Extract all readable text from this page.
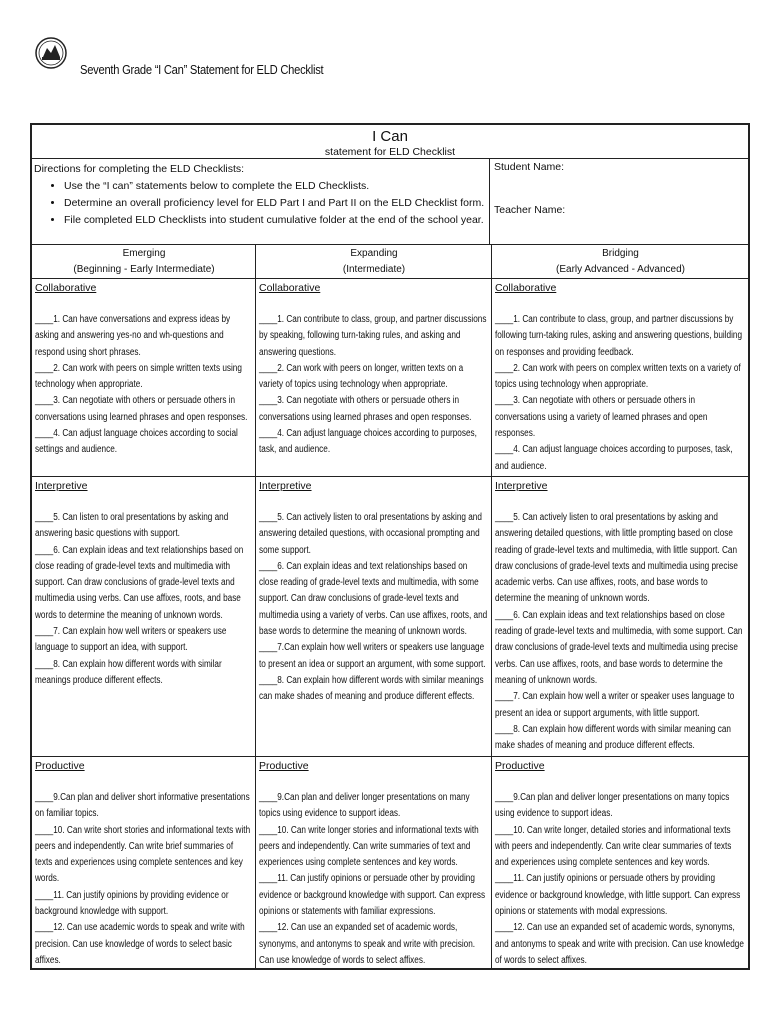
Seventh Grade “I Can” Statement for ELD Checklist
I Can
statement for ELD Checklist
Directions for completing the ELD Checklists:
• Use the “I can” statements below to complete the ELD Checklists.
• Determine an overall proficiency level for ELD Part I and Part II on the ELD Checklist form.
• File completed ELD Checklists into student cumulative folder at the end of the school year.
Student Name:
Teacher Name:
Emerging
(Beginning - Early Intermediate)
Expanding
(Intermediate)
Bridging
(Early Advanced - Advanced)
Collaborative
____1. Can have conversations and express ideas by asking and answering yes-no and wh-questions and respond using short phrases.
____2. Can work with peers on simple written texts using technology when appropriate.
____3. Can negotiate with others or persuade others in conversations using learned phrases and open responses.
____4. Can adjust language choices according to social settings and audience.
Collaborative
____1. Can contribute to class, group, and partner discussions by speaking, following turn-taking rules, and asking and answering questions.
____2. Can work with peers on longer, written texts on a variety of topics using technology when appropriate.
____3. Can negotiate with others or persuade others in conversations using learned phrases and open responses.
____4. Can adjust language choices according to purposes, task, and audience.
Collaborative
____1. Can contribute to class, group, and partner discussions by following turn-taking rules, asking and answering questions, building on responses and providing feedback.
____2. Can work with peers on complex written texts on a variety of topics using technology when appropriate.
____3. Can negotiate with others or persuade others in conversations using a variety of learned phrases and open responses.
____4. Can adjust language choices according to purposes, task, and audience.
Interpretive
____5. Can listen to oral presentations by asking and answering basic questions with support.
____6. Can explain ideas and text relationships based on close reading of grade-level texts and multimedia with support. Can draw conclusions of grade-level texts and multimedia using verbs. Can use affixes, roots, and base words to determine the meaning of unknown words.
____7. Can explain how well writers or speakers use language to support an idea, with support.
____8. Can explain how different words with similar meanings produce different effects.
Interpretive
____5. Can actively listen to oral presentations by asking and answering detailed questions, with occasional prompting and some support.
____6. Can explain ideas and text relationships based on close reading of grade-level texts and multimedia, with some support. Can draw conclusions of grade-level texts and multimedia using a variety of verbs. Can use affixes, roots, and base words to determine the meaning of unknown words.
____7.Can explain how well writers or speakers use language to present an idea or support an argument, with some support.
____8. Can explain how different words with similar meanings can make shades of meaning and produce different effects.
Interpretive
____5. Can actively listen to oral presentations by asking and answering detailed questions, with little prompting based on close reading of grade-level texts and multimedia, with little support. Can draw conclusions of grade-level texts and multimedia using precise academic verbs. Can use affixes, roots, and base words to determine the meaning of unknown words.
____6. Can explain ideas and text relationships based on close reading of grade-level texts and multimedia, with some support. Can draw conclusions of grade-level texts and multimedia using precise verbs. Can use affixes, roots, and base words to determine the meaning of unknown words.
____7. Can explain how well a writer or speaker uses language to present an idea or support arguments, with little support.
____8. Can explain how different words with similar meaning can make shades of meaning and produce different effects.
Productive
____9.Can plan and deliver short informative presentations on familiar topics.
____10. Can write short stories and informational texts with peers and independently. Can write brief summaries of texts and experiences using complete sentences and key words.
____11. Can justify opinions by providing evidence or background knowledge with support.
____12. Can use academic words to speak and write with precision. Can use knowledge of words to select basic affixes.
Productive
____9.Can plan and deliver longer presentations on many topics using evidence to support ideas.
____10. Can write longer stories and informational texts with peers and independently. Can write summaries of text and experiences using complete sentences and key words.
____11. Can justify opinions or persuade other by providing evidence or background knowledge with support. Can express opinions or statements with familiar expressions.
____12. Can use an expanded set of academic words, synonyms, and antonyms to speak and write with precision. Can use knowledge of words to select affixes.
Productive
____9.Can plan and deliver longer presentations on many topics using evidence to support ideas.
____10. Can write longer, detailed stories and informational texts with peers and independently. Can write clear summaries of texts and experiences using complete sentences and key words.
____11. Can justify opinions or persuade others by providing evidence or background knowledge, with little support. Can express opinions or statements with modal expressions.
____12. Can use an expanded set of academic words, synonyms, and antonyms to speak and write with precision. Can use knowledge of words to select affixes.
